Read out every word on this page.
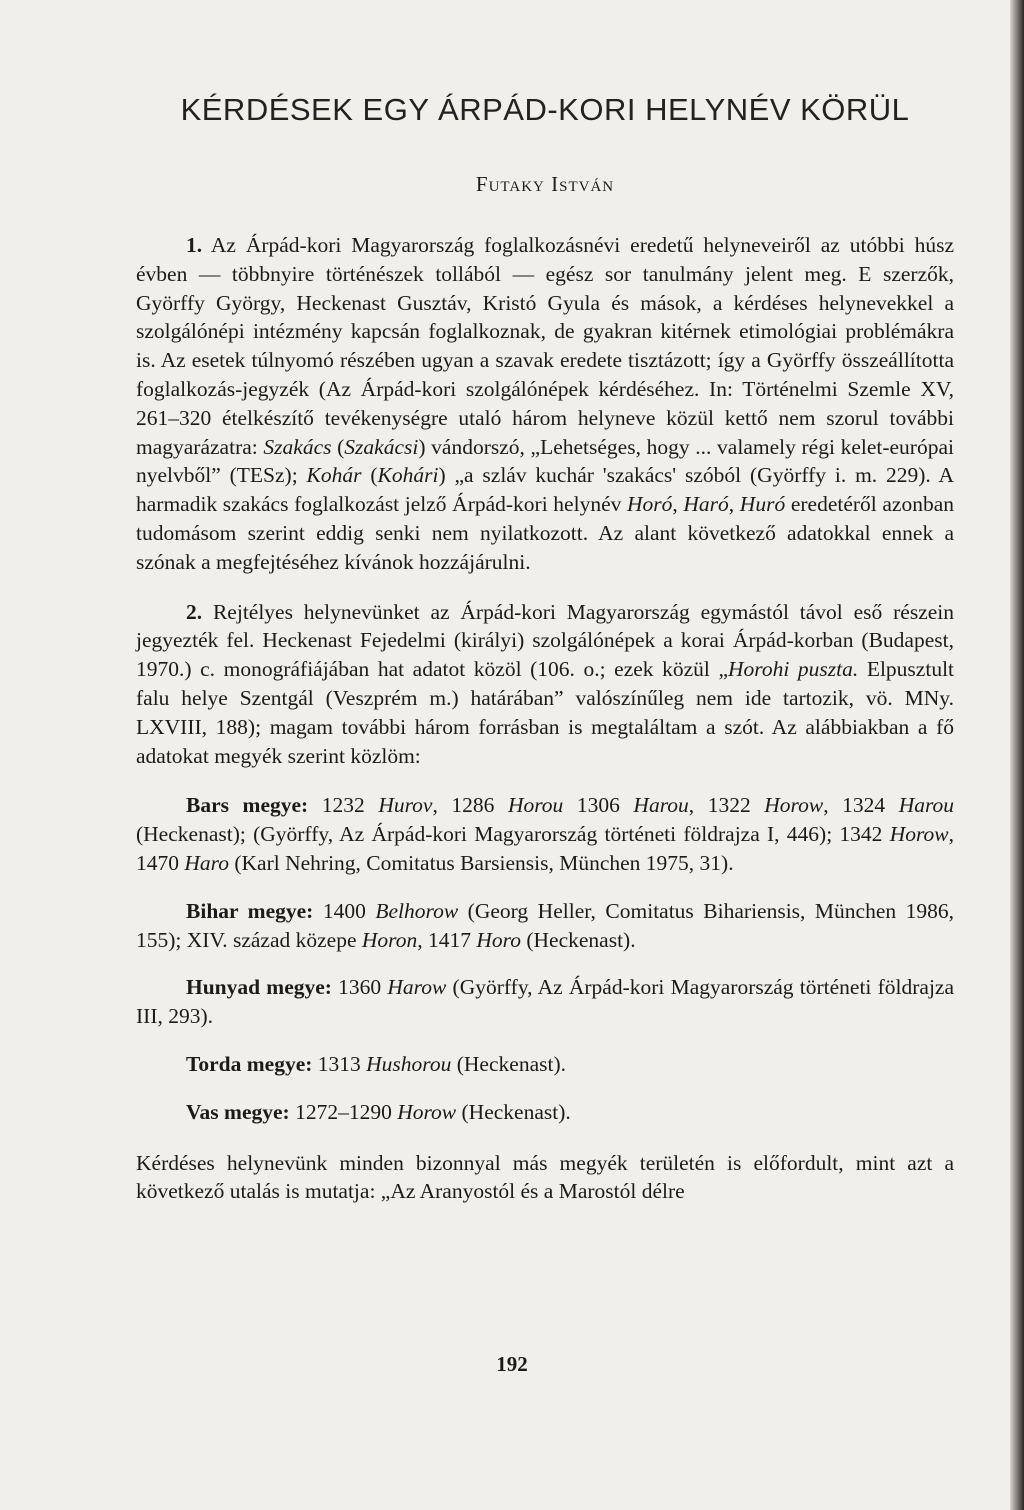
KÉRDÉSEK EGY ÁRPÁD-KORI HELYNÉV KÖRÜL
Futaky István

1. Az Árpád-kori Magyarország foglalkozásnévi eredetű helyneveiről az utóbbi húsz évben — többnyire történészek tollából — egész sor tanulmány jelent meg. E szerzők, Györffy György, Heckenast Gusztáv, Kristó Gyula és mások, a kérdéses helynevekkel a szolgálónépi intézmény kapcsán foglalkoznak, de gyakran kitérnek etimológiai problémákra is. Az esetek túlnyomó részében ugyan a szavak eredete tisztázott; így a Györffy összeállította foglalkozás-jegyzék (Az Árpád-kori szolgálónépek kérdéséhez. In: Történelmi Szemle XV, 261–320 ételkészítő tevékenységre utaló három helyneve közül kettő nem szorul további magyarázatra: Szakács (Szakácsi) vándorszó, „Lehetséges, hogy ... valamely régi kelet-európai nyelvből” (TESz); Kohár (Kohári) „a szláv kuchár 'szakács' szóból (Györffy i. m. 229). A harmadik szakács foglalkozást jelző Árpád-kori helynév Horó, Haró, Huró eredetéről azonban tudomásom szerint eddig senki nem nyilatkozott. Az alant következő adatokkal ennek a szónak a megfejtéséhez kívánok hozzájárulni.

2. Rejtélyes helynevünket az Árpád-kori Magyarország egymástól távol eső részein jegyezték fel. Heckenast Fejedelmi (királyi) szolgálónépek a korai Árpád-korban (Budapest, 1970.) c. monográfiájában hat adatot közöl (106. o.; ezek közül „Horohi puszta. Elpusztult falu helye Szentgál (Veszprém m.) határában” valószínűleg nem ide tartozik, vö. MNy. LXVIII, 188); magam további három forrásban is megtaláltam a szót. Az alábbiakban a fő adatokat megyék szerint közlöm:

Bars megye: 1232 Hurov, 1286 Horou 1306 Harou, 1322 Horow, 1324 Harou (Heckenast); (Györffy, Az Árpád-kori Magyarország történeti földrajza I, 446); 1342 Horow, 1470 Haro (Karl Nehring, Comitatus Barsiensis, München 1975, 31).

Bihar megye: 1400 Belhorow (Georg Heller, Comitatus Bihariensis, München 1986, 155); XIV. század közepe Horon, 1417 Horo (Heckenast).

Hunyad megye: 1360 Harow (Györffy, Az Árpád-kori Magyarország történeti földrajza III, 293).

Torda megye: 1313 Hushorou (Heckenast).

Vas megye: 1272–1290 Horow (Heckenast).

Kérdéses helynevünk minden bizonnyal más megyék területén is előfordult, mint azt a következő utalás is mutatja: „Az Aranyostól és a Marostól délre

192
